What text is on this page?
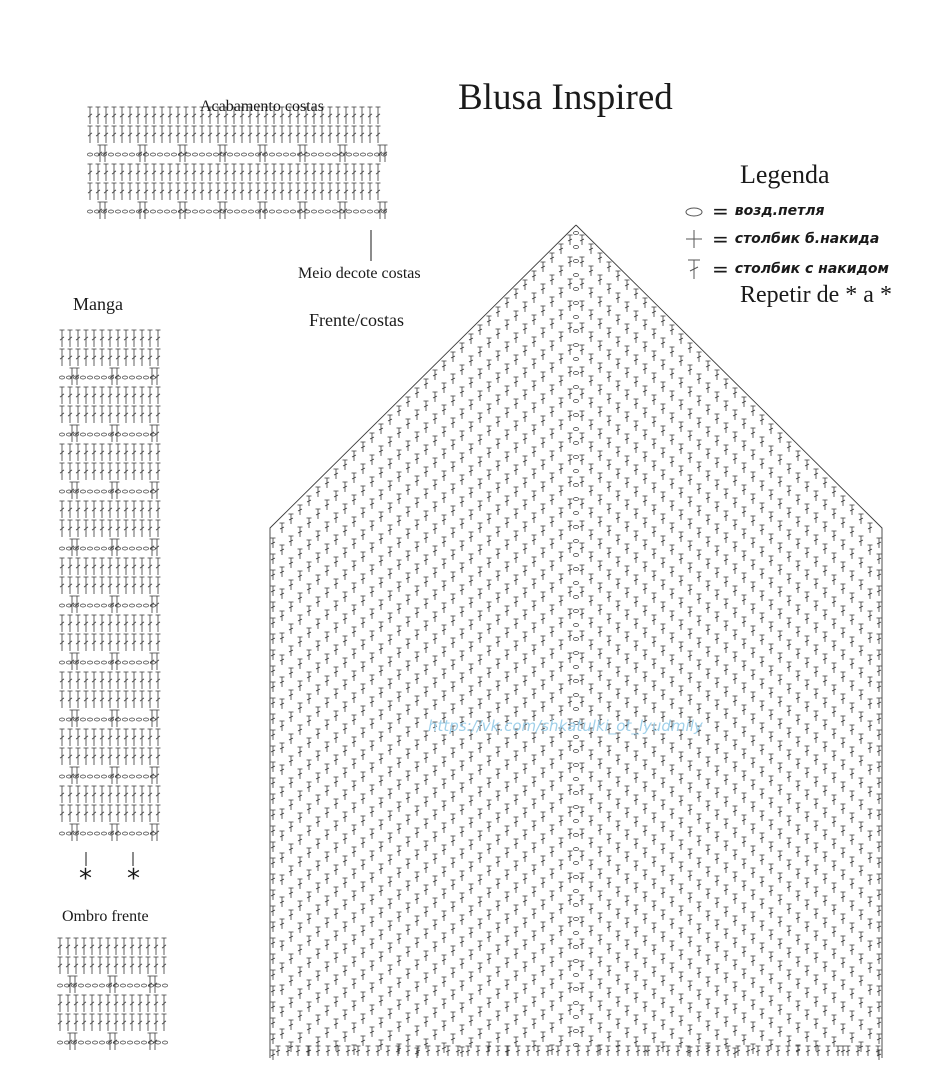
Blusa Inspired
Legenda
= возд.петля
= столбик б.накида
= столбик с накидом
Repetir de * a *
Acabamento costas
Meio decote costas
Frente/costas
Manga
Ombro frente
* *
https://vk.com/shkatulki_ot_lyudmily
